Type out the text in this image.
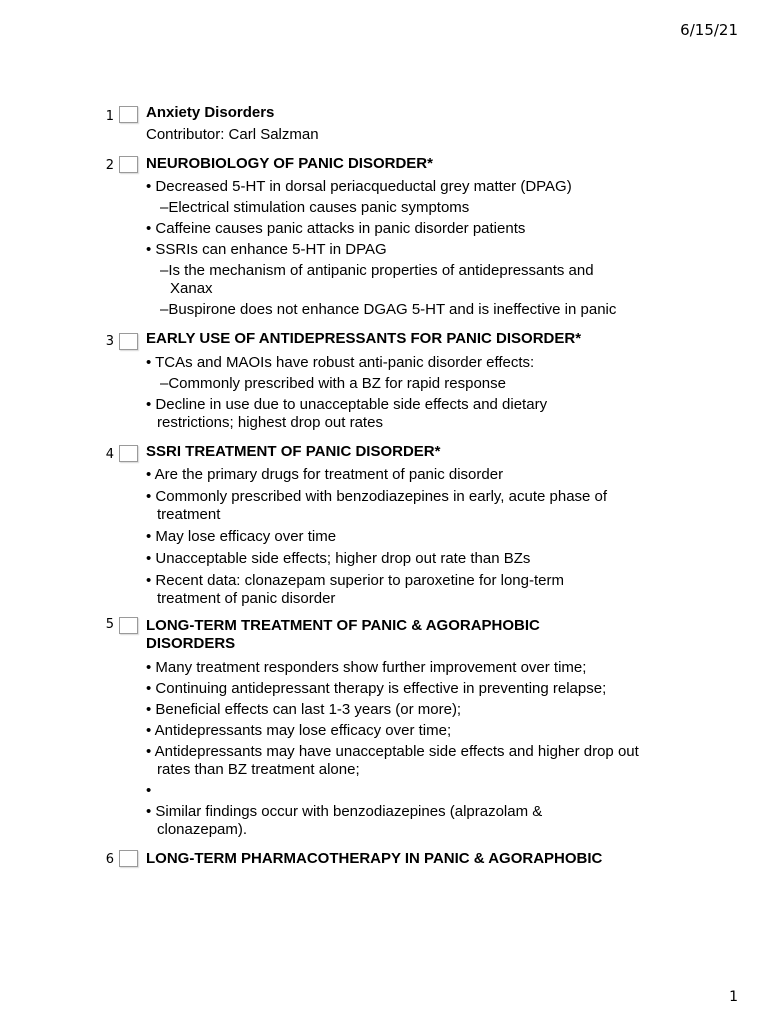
6/15/21
1 Anxiety Disorders

Contributor: Carl Salzman

2 NEUROBIOLOGY OF PANIC DISORDER*

• Decreased 5-HT in dorsal periacqueductal grey matter (DPAG)

–Electrical stimulation causes panic symptoms

• Caffeine causes panic attacks in panic disorder patients

• SSRIs can enhance 5-HT in DPAG

–Is the mechanism of antipanic properties of antidepressants and Xanax

–Buspirone does not enhance DGAG 5-HT and is ineffective in panic

3 EARLY USE OF ANTIDEPRESSANTS FOR PANIC DISORDER*

• TCAs and MAOIs have robust anti-panic disorder effects:

–Commonly prescribed with a BZ for rapid response

• Decline in use due to unacceptable side effects and dietary restrictions; highest drop out rates

4 SSRI TREATMENT OF PANIC DISORDER*

• Are the primary drugs for treatment of panic disorder

• Commonly prescribed with benzodiazepines in early, acute phase of treatment

• May lose efficacy over time

• Unacceptable side effects; higher drop out rate than BZs

• Recent data: clonazepam superior to paroxetine for long-term treatment of panic disorder

5 LONG-TERM TREATMENT OF PANIC & AGORAPHOBIC DISORDERS

• Many treatment responders show further improvement over time;

• Continuing antidepressant therapy is effective in preventing relapse;

• Beneficial effects can last 1-3 years (or more);

• Antidepressants may lose efficacy over time;

• Antidepressants may have unacceptable side effects and higher drop out rates than BZ treatment alone;

•

• Similar findings occur with benzodiazepines (alprazolam & clonazepam).

6 LONG-TERM PHARMACOTHERAPY IN PANIC & AGORAPHOBIC

1
